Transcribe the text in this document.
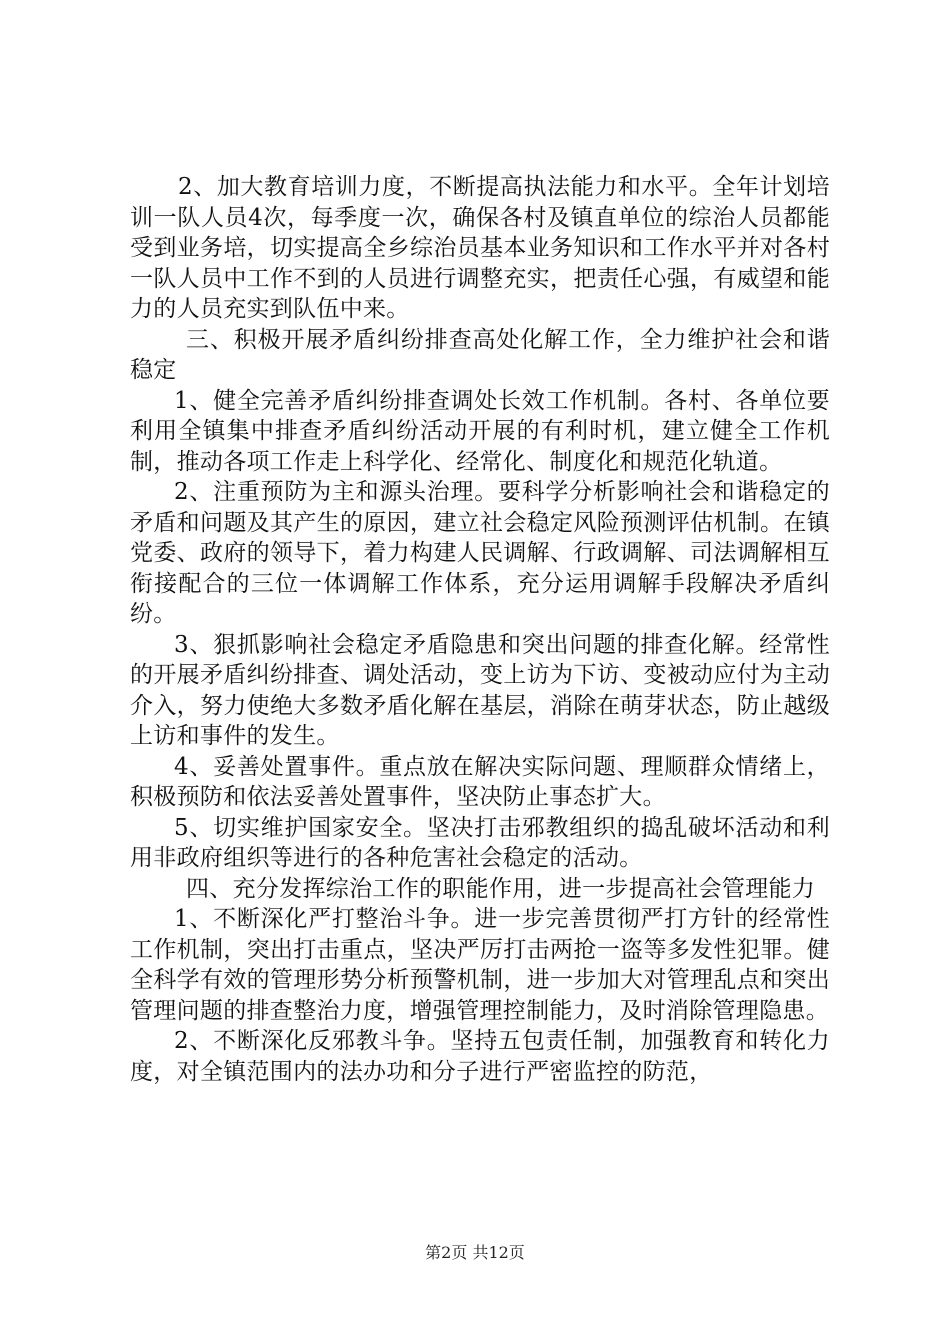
2、加大教育培训力度，不断提高执法能力和水平。全年计划培训一队人员4次，每季度一次，确保各村及镇直单位的综治人员都能受到业务培，切实提高全乡综治员基本业务知识和工作水平并对各村一队人员中工作不到的人员进行调整充实，把责任心强，有威望和能力的人员充实到队伍中来。

三、积极开展矛盾纠纷排查高处化解工作，全力维护社会和谐稳定

1、健全完善矛盾纠纷排查调处长效工作机制。各村、各单位要利用全镇集中排查矛盾纠纷活动开展的有利时机，建立健全工作机制，推动各项工作走上科学化、经常化、制度化和规范化轨道。

2、注重预防为主和源头治理。要科学分析影响社会和谐稳定的矛盾和问题及其产生的原因，建立社会稳定风险预测评估机制。在镇党委、政府的领导下，着力构建人民调解、行政调解、司法调解相互衔接配合的三位一体调解工作体系，充分运用调解手段解决矛盾纠纷。

3、狠抓影响社会稳定矛盾隐患和突出问题的排查化解。经常性的开展矛盾纠纷排查、调处活动，变上访为下访、变被动应付为主动介入，努力使绝大多数矛盾化解在基层，消除在萌芽状态，防止越级上访和事件的发生。

4、妥善处置事件。重点放在解决实际问题、理顺群众情绪上，积极预防和依法妥善处置事件，坚决防止事态扩大。

5、切实维护国家安全。坚决打击邪教组织的捣乱破坏活动和利用非政府组织等进行的各种危害社会稳定的活动。

四、充分发挥综治工作的职能作用，进一步提高社会管理能力

1、不断深化严打整治斗争。进一步完善贯彻严打方针的经常性工作机制，突出打击重点，坚决严厉打击两抢一盗等多发性犯罪。健全科学有效的管理形势分析预警机制，进一步加大对管理乱点和突出管理问题的排查整治力度，增强管理控制能力，及时消除管理隐患。

2、不断深化反邪教斗争。坚持五包责任制，加强教育和转化力度，对全镇范围内的法办功和分子进行严密监控的防范，

第2页 共12页
